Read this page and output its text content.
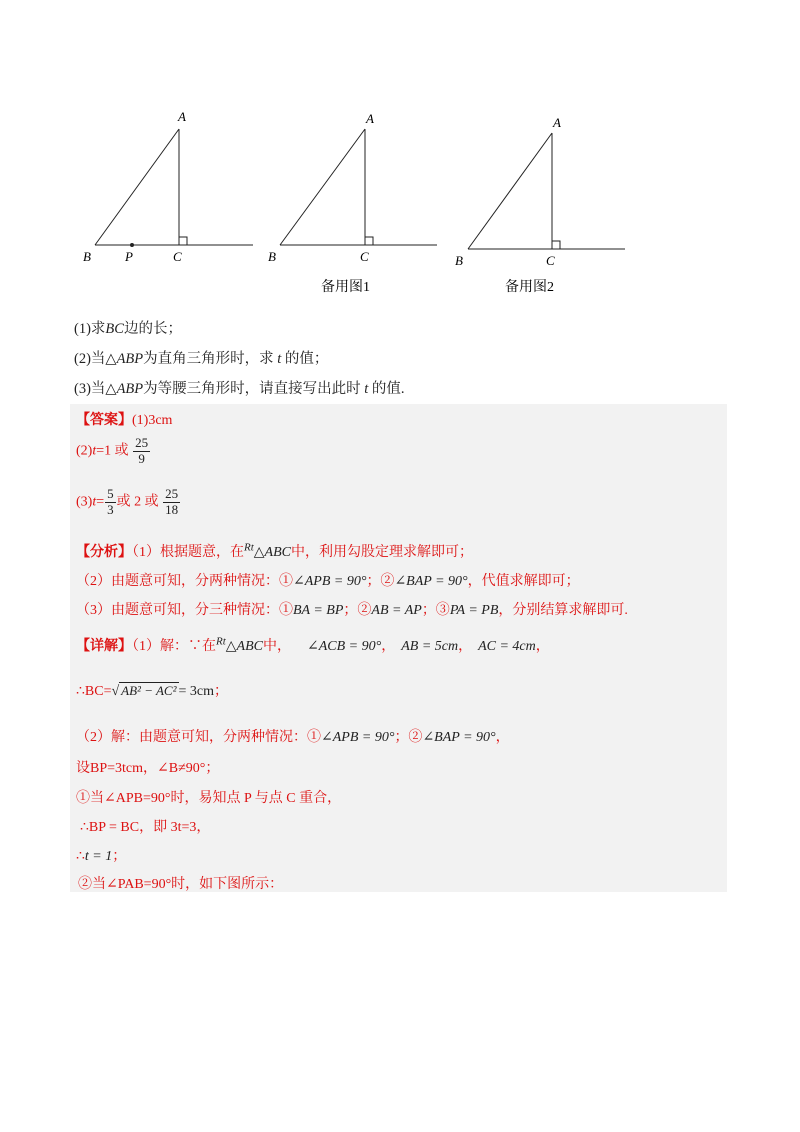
A
B	P	C
A
B	C
备用图1
A
B	C
备用图2
(1)求BC边的长；
(2)当△ABP为直角三角形时，求 t 的值；
(3)当△ABP为等腰三角形时，请直接写出此时 t 的值.
【答案】(1)3cm
(2)t=1 或 $\frac{25}{9}$
$(3)t= \frac{5}{3}$ 或 2 或 $\frac{25}{18}$
【分析】（1）根据题意，在$^{Rt}$△ABC中，利用勾股定理求解即可；
（2）由题意可知，分两种情况：①∠APB = 90°；②∠BAP = 90°，代值求解即可；
（3）由题意可知，分三种情况：①BA = BP；②AB = AP；③PA = PB，分别结算求解即可.
【详解】（1）解：∵在$^{Rt}$△ABC中， ∠ACB = 90°， AB = 5cm， AC = 4cm，
∴BC=√ AB² − AC² = 3cm；
（2）解：由题意可知，分两种情况：①∠APB = 90°；②∠BAP = 90°，
设BP=3tcm，∠B≠90°；
①当∠APB=90°时，易知点 P 与点 C 重合，
∴BP = BC，即 3t=3，
∴t = 1；
②当∠PAB=90°时，如下图所示：
